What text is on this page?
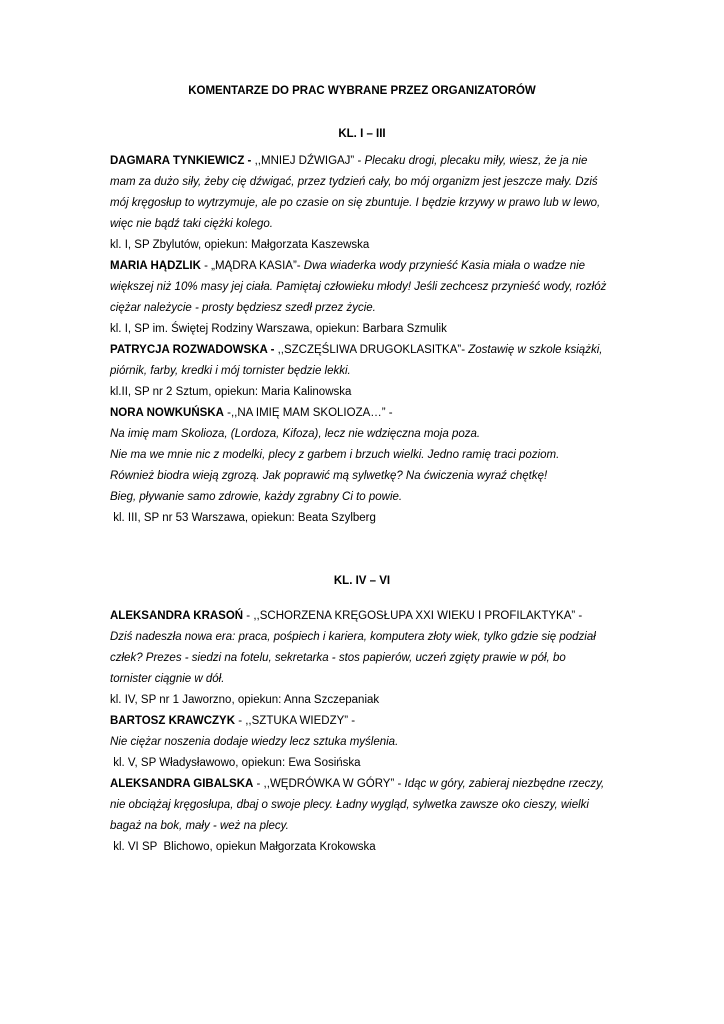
KOMENTARZE DO PRAC WYBRANE PRZEZ ORGANIZATORÓW

KL. I – III

DAGMARA TYNKIEWICZ - ,,MNIEJ DŹWIGAJ” - Plecaku drogi, plecaku miły, wiesz, że ja nie
mam za dużo siły, żeby cię dźwigać, przez tydzień cały, bo mój organizm jest jeszcze mały. Dziś
mój kręgosłup to wytrzymuje, ale po czasie on się zbuntuje. I będzie krzywy w prawo lub w lewo,
więc nie bądź taki ciężki kolego.
kl. I, SP Zbylutów, opiekun: Małgorzata Kaszewska
MARIA HĄDZLIK - „MĄDRA KASIA”- Dwa wiaderka wody przynieść Kasia miała o wadze nie
większej niż 10% masy jej ciała. Pamiętaj człowieku młody! Jeśli zechcesz przynieść wody, rozłóż
ciężar należycie - prosty będziesz szedł przez życie.
kl. I, SP im. Świętej Rodziny Warszawa, opiekun: Barbara Szmulik
PATRYCJA ROZWADOWSKA - ,,SZCZĘŚLIWA DRUGOKLASITKA”- Zostawię w szkole książki,
piórnik, farby, kredki i mój tornister będzie lekki.
kl.II, SP nr 2 Sztum, opiekun: Maria Kalinowska
NORA NOWKUŃSKA -,,NA IMIĘ MAM SKOLIOZA…” -
Na imię mam Skolioza, (Lordoza, Kifoza), lecz nie wdzięczna moja poza.
Nie ma we mnie nic z modelki, plecy z garbem i brzuch wielki. Jedno ramię traci poziom.
Również biodra wieją zgrozą. Jak poprawić mą sylwetkę? Na ćwiczenia wyraź chętkę!
Bieg, pływanie samo zdrowie, każdy zgrabny Ci to powie.
kl. III, SP nr 53 Warszawa, opiekun: Beata Szylberg

KL. IV – VI

ALEKSANDRA KRASOŃ - ,,SCHORZENA KRĘGOSŁUPA XXI WIEKU I PROFILAKTYKA” -
Dziś nadeszła nowa era: praca, pośpiech i kariera, komputera złoty wiek, tylko gdzie się podział
człek? Prezes - siedzi na fotelu, sekretarka - stos papierów, uczeń zgięty prawie w pół, bo
tornister ciągnie w dół.
kl. IV, SP nr 1 Jaworzno, opiekun: Anna Szczepaniak
BARTOSZ KRAWCZYK - ,,SZTUKA WIEDZY” -
Nie ciężar noszenia dodaje wiedzy lecz sztuka myślenia.
kl. V, SP Władysławowo, opiekun: Ewa Sosińska
ALEKSANDRA GIBALSKA - ,,WĘDRÓWKA W GÓRY” - Idąc w góry, zabieraj niezbędne rzeczy,
nie obciążaj kręgosłupa, dbaj o swoje plecy. Ładny wygląd, sylwetka zawsze oko cieszy, wielki
bagaż na bok, mały - weż na plecy.
kl. VI SP  Blichowo, opiekun Małgorzata Krokowska
